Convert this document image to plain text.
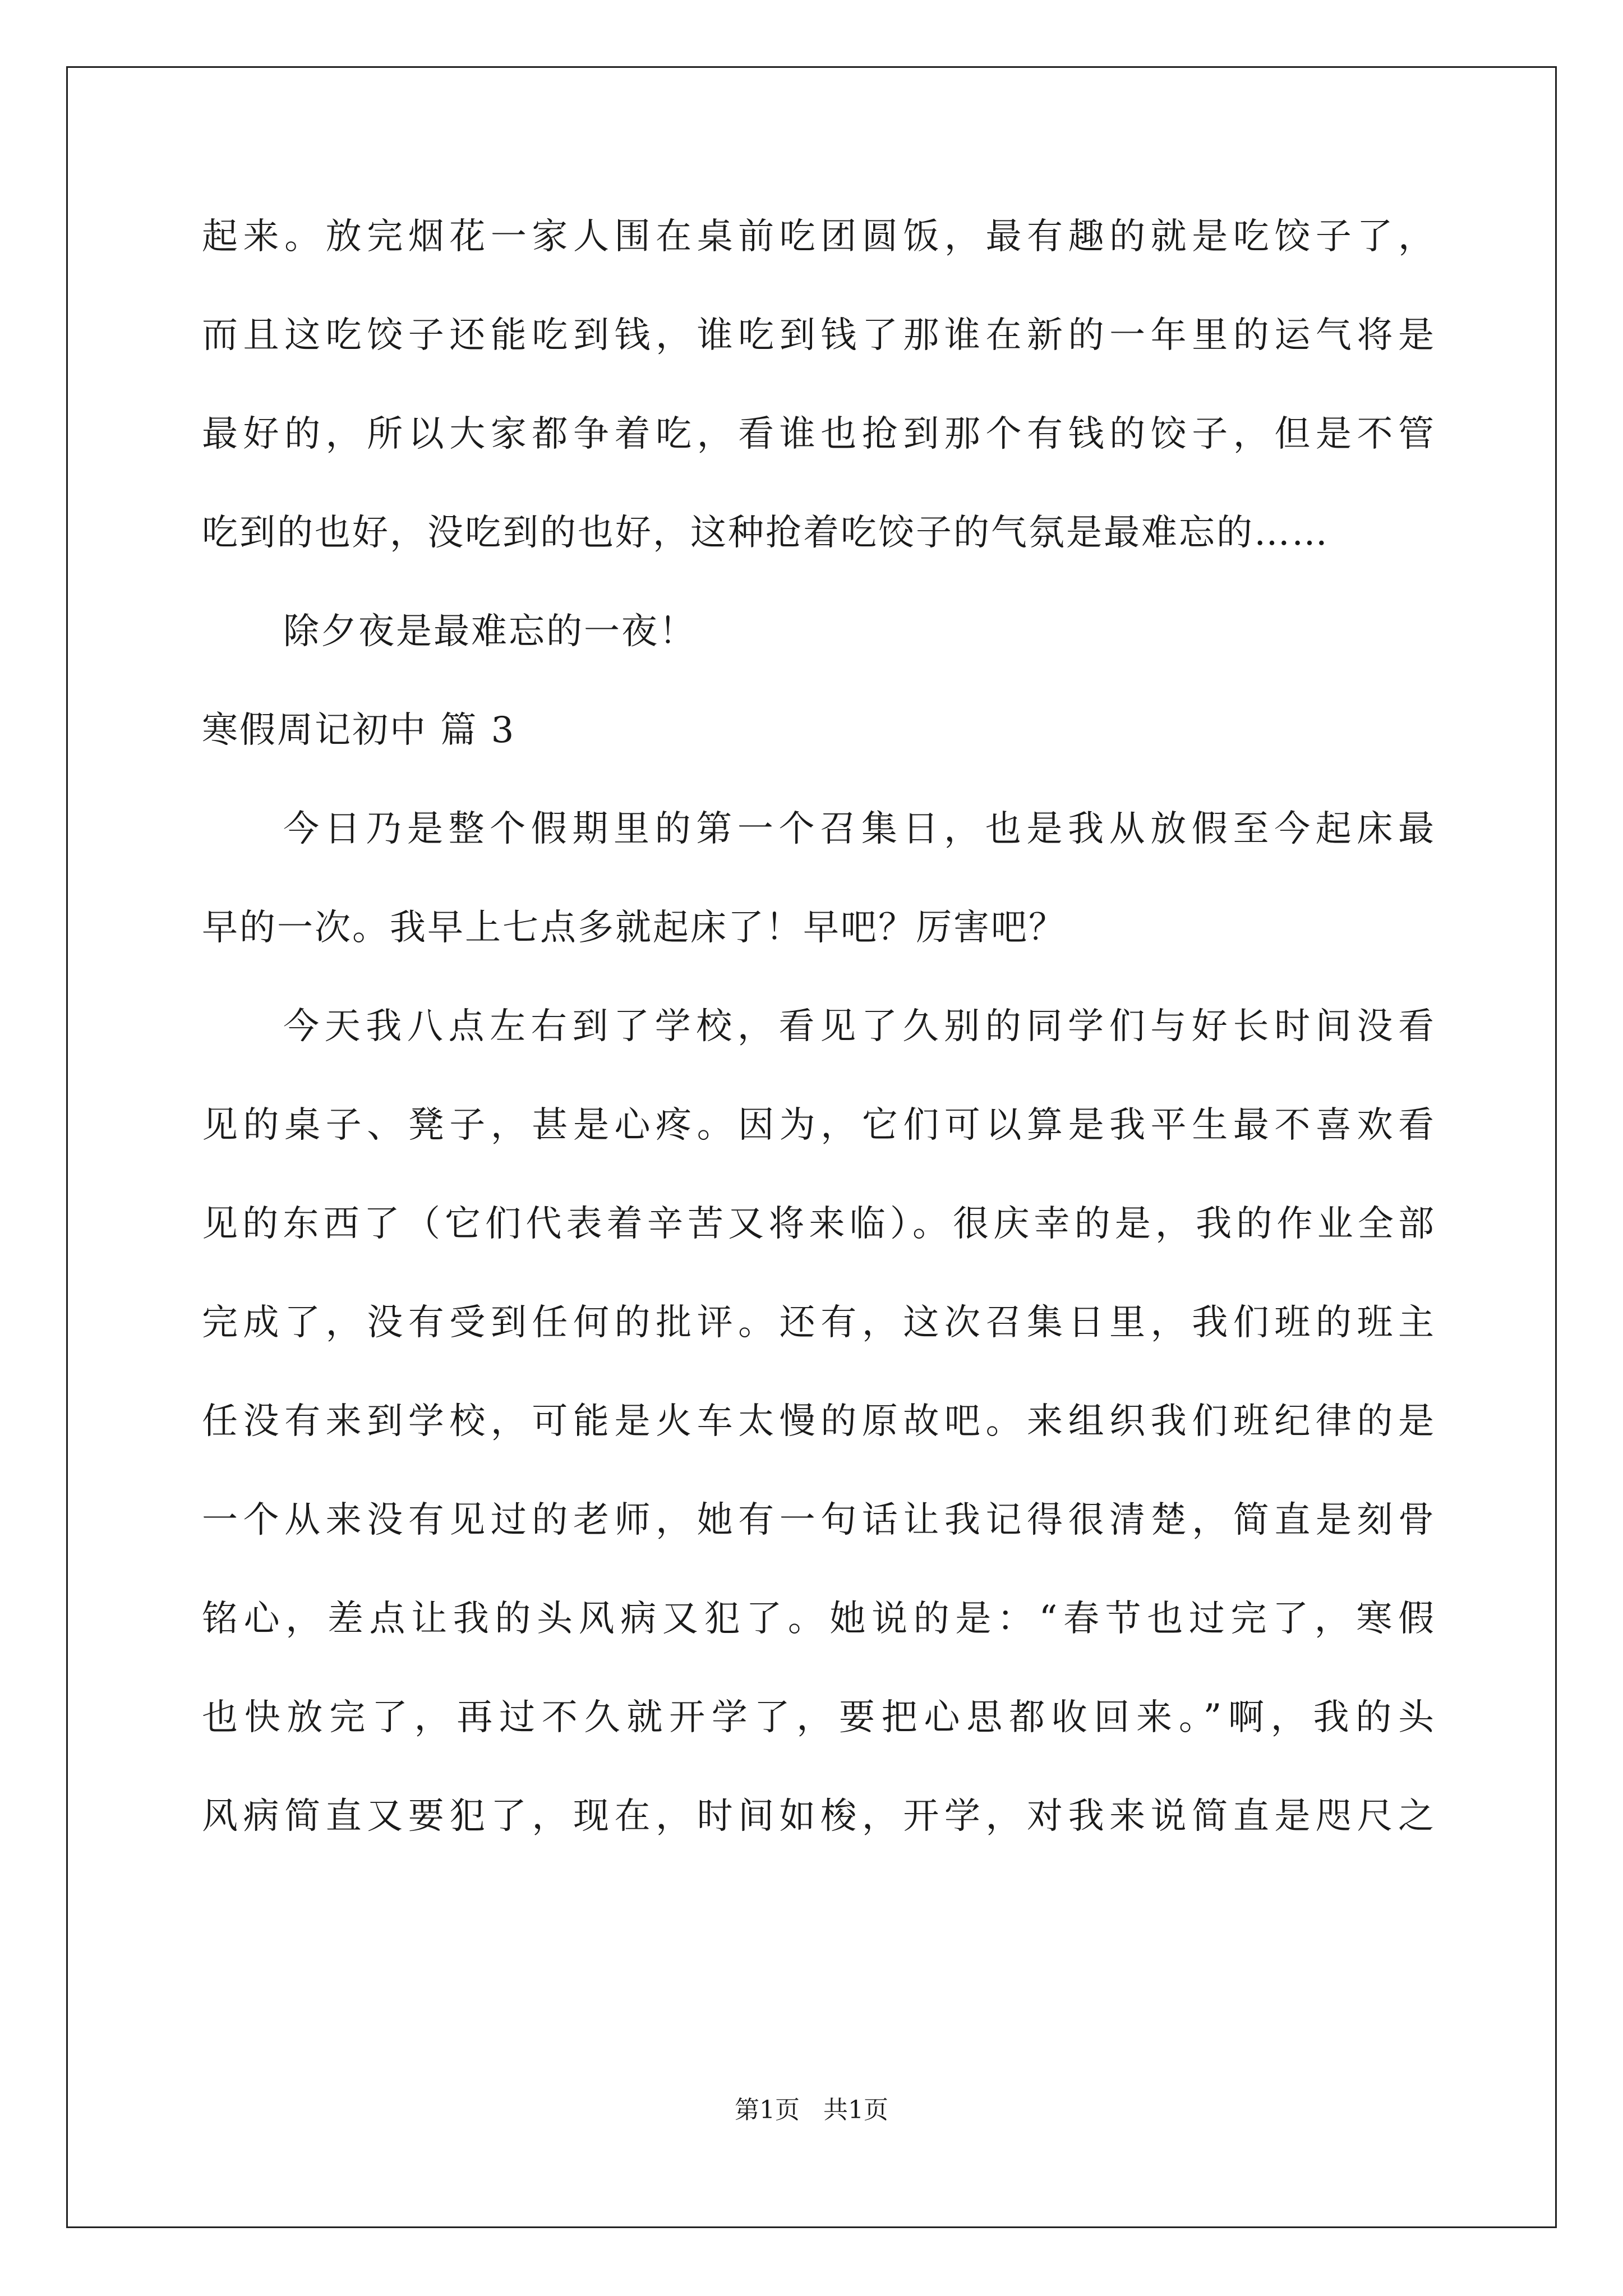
起来。放完烟花一家人围在桌前吃团圆饭，最有趣的就是吃饺子了，
而且这吃饺子还能吃到钱，谁吃到钱了那谁在新的一年里的运气将是
最好的，所以大家都争着吃，看谁也抢到那个有钱的饺子，但是不管
吃到的也好，没吃到的也好，这种抢着吃饺子的气氛是最难忘的……
除夕夜是最难忘的一夜！
寒假周记初中 篇 3
今日乃是整个假期里的第一个召集日，也是我从放假至今起床最
早的一次。我早上七点多就起床了！早吧？厉害吧？
今天我八点左右到了学校，看见了久别的同学们与好长时间没看
见的桌子、凳子，甚是心疼。因为，它们可以算是我平生最不喜欢看
见的东西了（它们代表着辛苦又将来临）。很庆幸的是，我的作业全部
完成了，没有受到任何的批评。还有，这次召集日里，我们班的班主
任没有来到学校，可能是火车太慢的原故吧。来组织我们班纪律的是
一个从来没有见过的老师，她有一句话让我记得很清楚，简直是刻骨
铭心，差点让我的头风病又犯了。她说的是：“春节也过完了，寒假
也快放完了，再过不久就开学了，要把心思都收回来。”啊，我的头
风病简直又要犯了，现在，时间如梭，开学，对我来说简直是咫尺之
第1页   共1页
